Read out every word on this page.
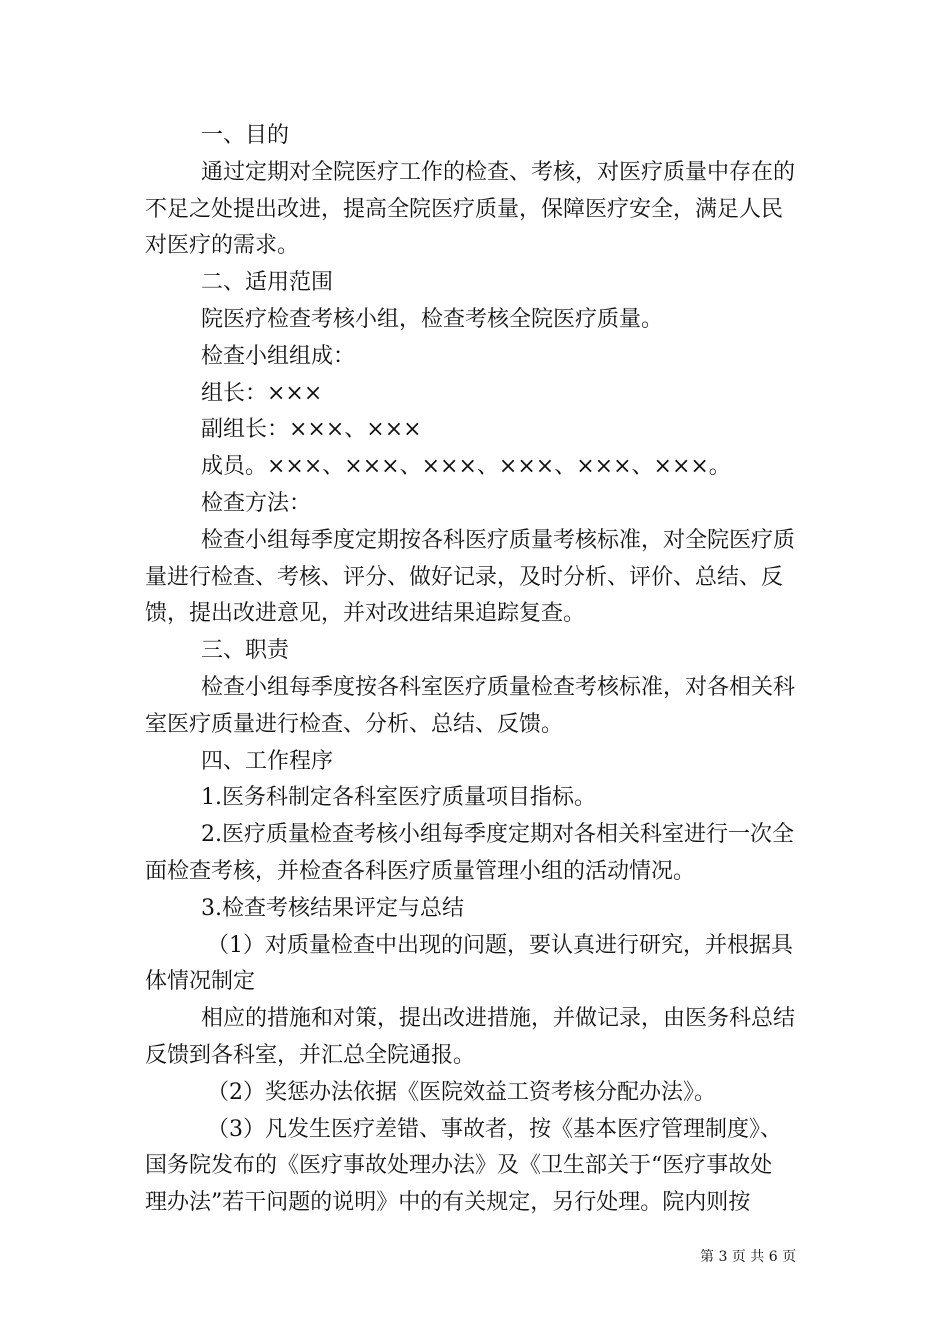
一、目的
通过定期对全院医疗工作的检查、考核，对医疗质量中存在的
不足之处提出改进，提高全院医疗质量，保障医疗安全，满足人民
对医疗的需求。
二、适用范围
院医疗检查考核小组，检查考核全院医疗质量。
检查小组组成：
组长：×××
副组长：×××、×××
成员。×××、×××、×××、×××、×××、×××。
检查方法：
检查小组每季度定期按各科医疗质量考核标准，对全院医疗质
量进行检查、考核、评分、做好记录，及时分析、评价、总结、反
馈，提出改进意见，并对改进结果追踪复查。
三、职责
检查小组每季度按各科室医疗质量检查考核标准，对各相关科
室医疗质量进行检查、分析、总结、反馈。
四、工作程序
1.医务科制定各科室医疗质量项目指标。
2.医疗质量检查考核小组每季度定期对各相关科室进行一次全
面检查考核，并检查各科医疗质量管理小组的活动情况。
3.检查考核结果评定与总结
（1）对质量检查中出现的问题，要认真进行研究，并根据具
体情况制定
相应的措施和对策，提出改进措施，并做记录，由医务科总结
反馈到各科室，并汇总全院通报。
（2）奖惩办法依据《医院效益工资考核分配办法》。
（3）凡发生医疗差错、事故者，按《基本医疗管理制度》、
国务院发布的《医疗事故处理办法》及《卫生部关于“医疗事故处
理办法”若干问题的说明》中的有关规定，另行处理。院内则按
第 3 页 共 6 页
